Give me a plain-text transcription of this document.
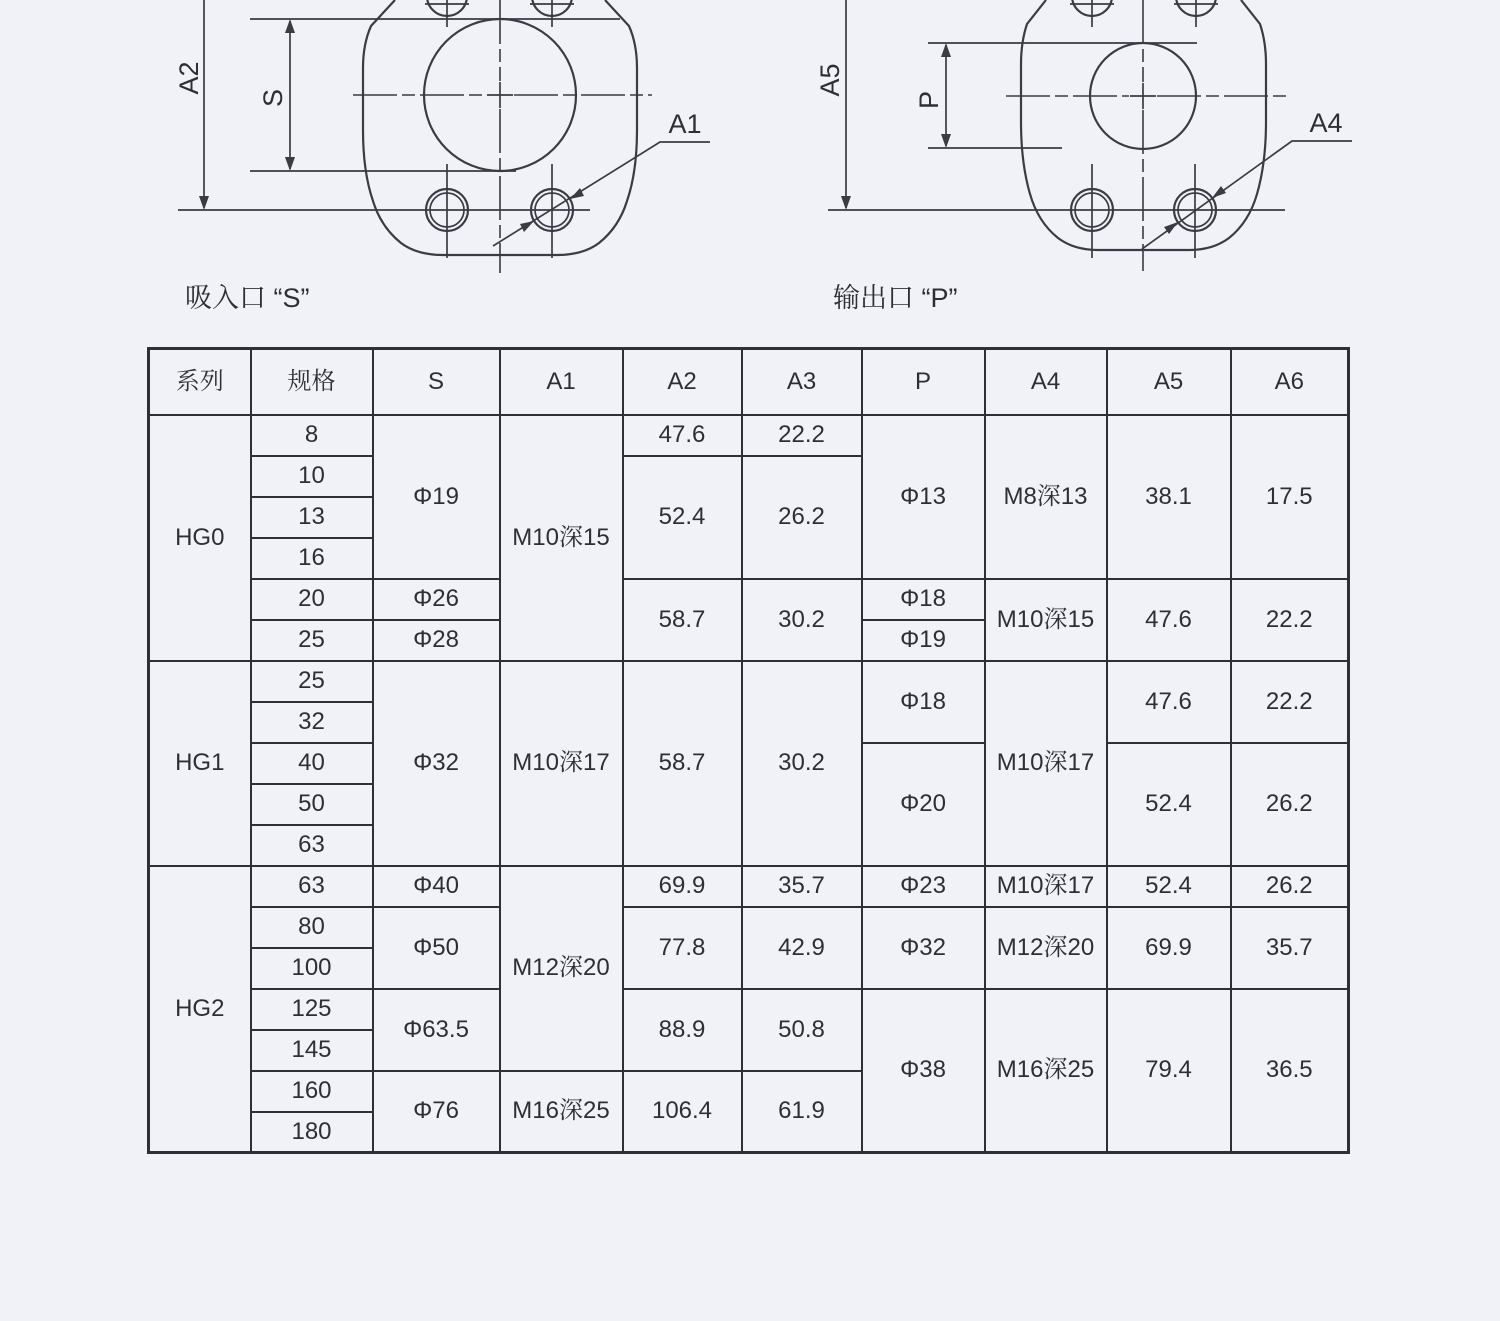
A2
S
A1
吸入口 “S”
A5
P
A4
输出口 “P”
系列	规格	S	A1	A2	A3	P	A4	A5	A6
HG0	8	Φ19	M10深15	47.6	22.2	Φ13	M8深13	38.1	17.5
	10			52.4	26.2				
	13								
	16								
	20	Φ26		58.7	30.2	Φ18	M10深15	47.6	22.2
	25	Φ28				Φ19			
HG1	25	Φ32	M10深17	58.7	30.2	Φ18	M10深17	47.6	22.2
	32								
	40					Φ20		52.4	26.2
	50								
	63								
HG2	63	Φ40	M12深20	69.9	35.7	Φ23	M10深17	52.4	26.2
	80	Φ50		77.8	42.9	Φ32	M12深20	69.9	35.7
	100								
	125	Φ63.5		88.9	50.8	Φ38	M16深25	79.4	36.5
	145								
	160	Φ76	M16深25	106.4	61.9				
	180								
